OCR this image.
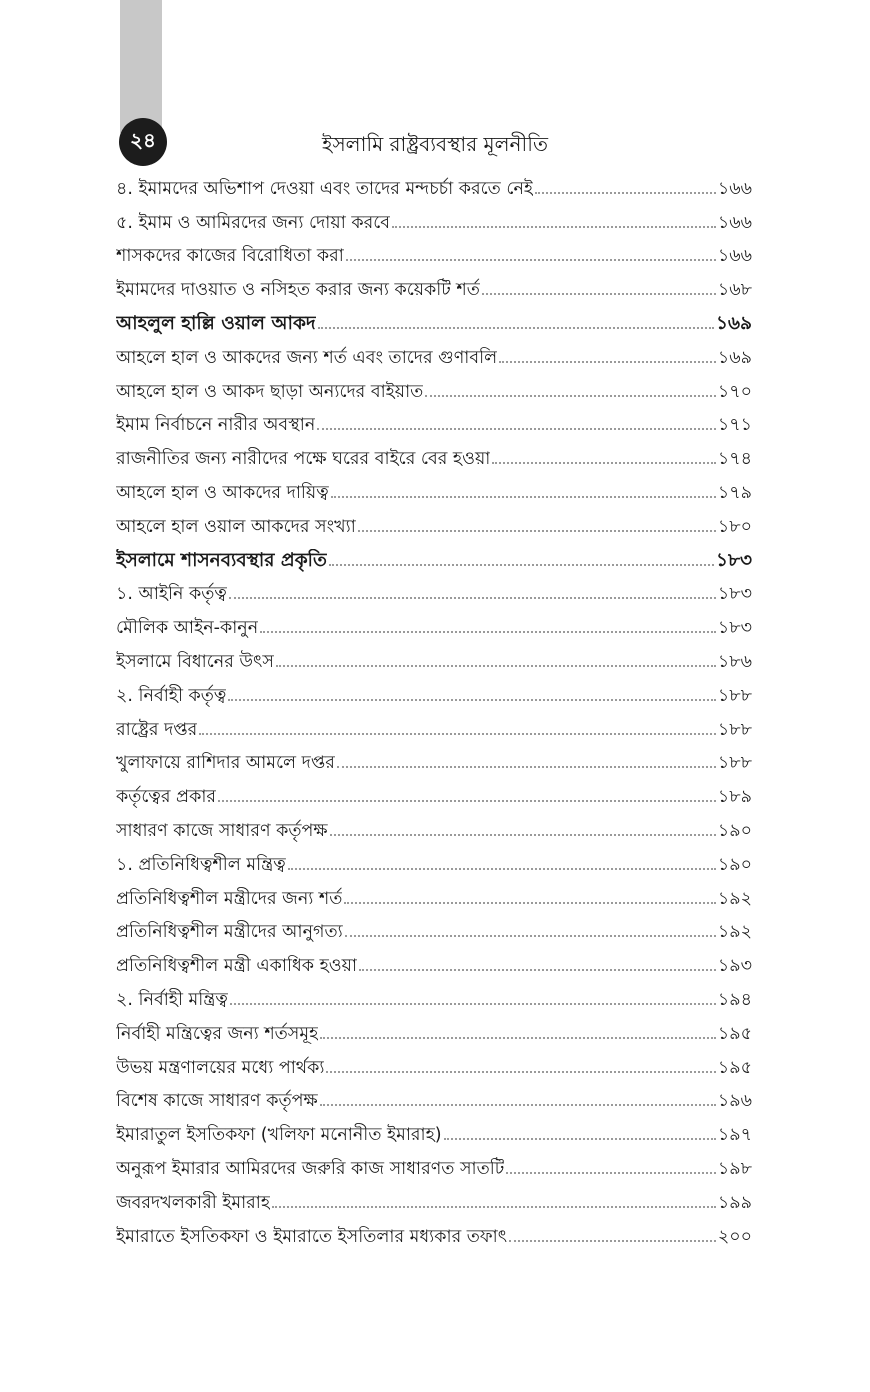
২৪	ইসলামি রাষ্ট্রব্যবস্থার মূলনীতি
৪. ইমামদের অভিশাপ দেওয়া এবং তাদের মন্দচর্চা করতে নেই	১৬৬
৫. ইমাম ও আমিরদের জন্য দোয়া করবে	১৬৬
শাসকদের কাজের বিরোধিতা করা	১৬৬
ইমামদের দাওয়াত ও নসিহত করার জন্য কয়েকটি শর্ত	১৬৮
আহলুল হাল্লি ওয়াল আকদ	১৬৯
আহলে হাল ও আকদের জন্য শর্ত এবং তাদের গুণাবলি	১৬৯
আহলে হাল ও আকদ ছাড়া অন্যদের বাইয়াত	১৭০
ইমাম নির্বাচনে নারীর অবস্থান	১৭১
রাজনীতির জন্য নারীদের পক্ষে ঘরের বাইরে বের হওয়া	১৭৪
আহলে হাল ও আকদের দায়িত্ব	১৭৯
আহলে হাল ওয়াল আকদের সংখ্যা	১৮০
ইসলামে শাসনব্যবস্থার প্রকৃতি	১৮৩
১. আইনি কর্তৃত্ব	১৮৩
মৌলিক আইন-কানুন	১৮৩
ইসলামে বিধানের উৎস	১৮৬
২. নির্বাহী কর্তৃত্ব	১৮৮
রাষ্ট্রের দপ্তর	১৮৮
খুলাফায়ে রাশিদার আমলে দপ্তর	১৮৮
কর্তৃত্বের প্রকার	১৮৯
সাধারণ কাজে সাধারণ কর্তৃপক্ষ	১৯০
১. প্রতিনিধিত্বশীল মন্ত্রিত্ব	১৯০
প্রতিনিধিত্বশীল মন্ত্রীদের জন্য শর্ত	১৯২
প্রতিনিধিত্বশীল মন্ত্রীদের আনুগত্য	১৯২
প্রতিনিধিত্বশীল মন্ত্রী একাধিক হওয়া	১৯৩
২. নির্বাহী মন্ত্রিত্ব	১৯৪
নির্বাহী মন্ত্রিত্বের জন্য শর্তসমূহ	১৯৫
উভয় মন্ত্রণালয়ের মধ্যে পার্থক্য	১৯৫
বিশেষ কাজে সাধারণ কর্তৃপক্ষ	১৯৬
ইমারাতুল ইসতিকফা (খলিফা মনোনীত ইমারাহ)	১৯৭
অনুরূপ ইমারার আমিরদের জরুরি কাজ সাধারণত সাতটি	১৯৮
জবরদখলকারী ইমারাহ	১৯৯
ইমারাতে ইসতিকফা ও ইমারাতে ইসতিলার মধ্যকার তফাৎ	২০০
